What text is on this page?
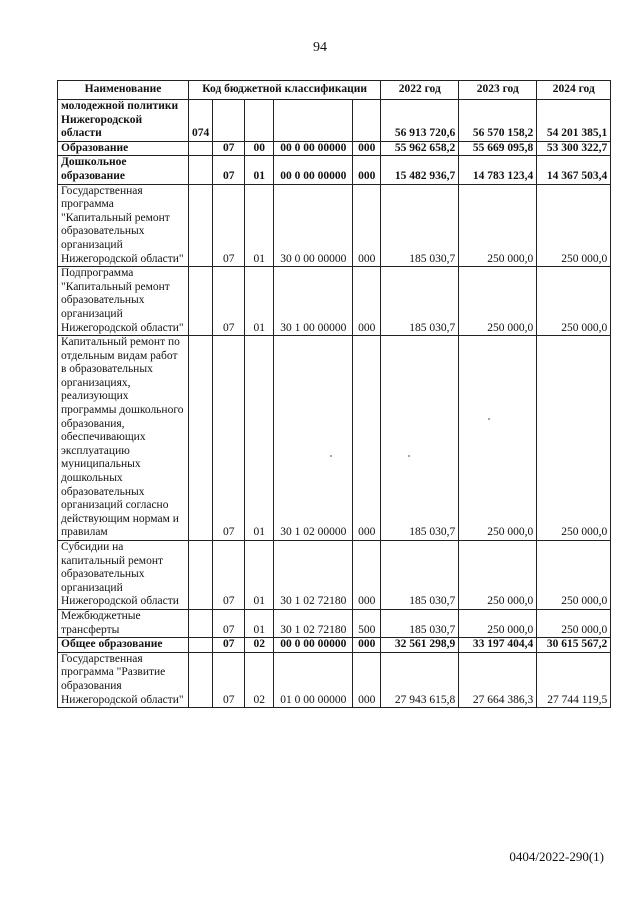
94
Наименование	Код бюджетной классификации					2022 год	2023 год	2024 год
молодежной политики Нижегородской области	074					56 913 720,6	56 570 158,2	54 201 385,1
Образование		07	00	00 0 00 00000	000	55 962 658,2	55 669 095,8	53 300 322,7
Дошкольное образование		07	01	00 0 00 00000	000	15 482 936,7	14 783 123,4	14 367 503,4
Государственная программа "Капитальный ремонт образовательных организаций Нижегородской области"		07	01	30 0 00 00000	000	185 030,7	250 000,0	250 000,0
Подпрограмма "Капитальный ремонт образовательных организаций Нижегородской области"		07	01	30 1 00 00000	000	185 030,7	250 000,0	250 000,0
Капитальный ремонт по отдельным видам работ в образовательных организациях, реализующих программы дошкольного образования, обеспечивающих эксплуатацию муниципальных дошкольных образовательных организаций согласно действующим нормам и правилам		07	01	30 1 02 00000	000	185 030,7	250 000,0	250 000,0
Субсидии на капитальный ремонт образовательных организаций Нижегородской области		07	01	30 1 02 72180	000	185 030,7	250 000,0	250 000,0
Межбюджетные трансферты		07	01	30 1 02 72180	500	185 030,7	250 000,0	250 000,0
Общее образование		07	02	00 0 00 00000	000	32 561 298,9	33 197 404,4	30 615 567,2
Государственная программа "Развитие образования Нижегородской области"		07	02	01 0 00 00000	000	27 943 615,8	27 664 386,3	27 744 119,5
0404/2022-290(1)
